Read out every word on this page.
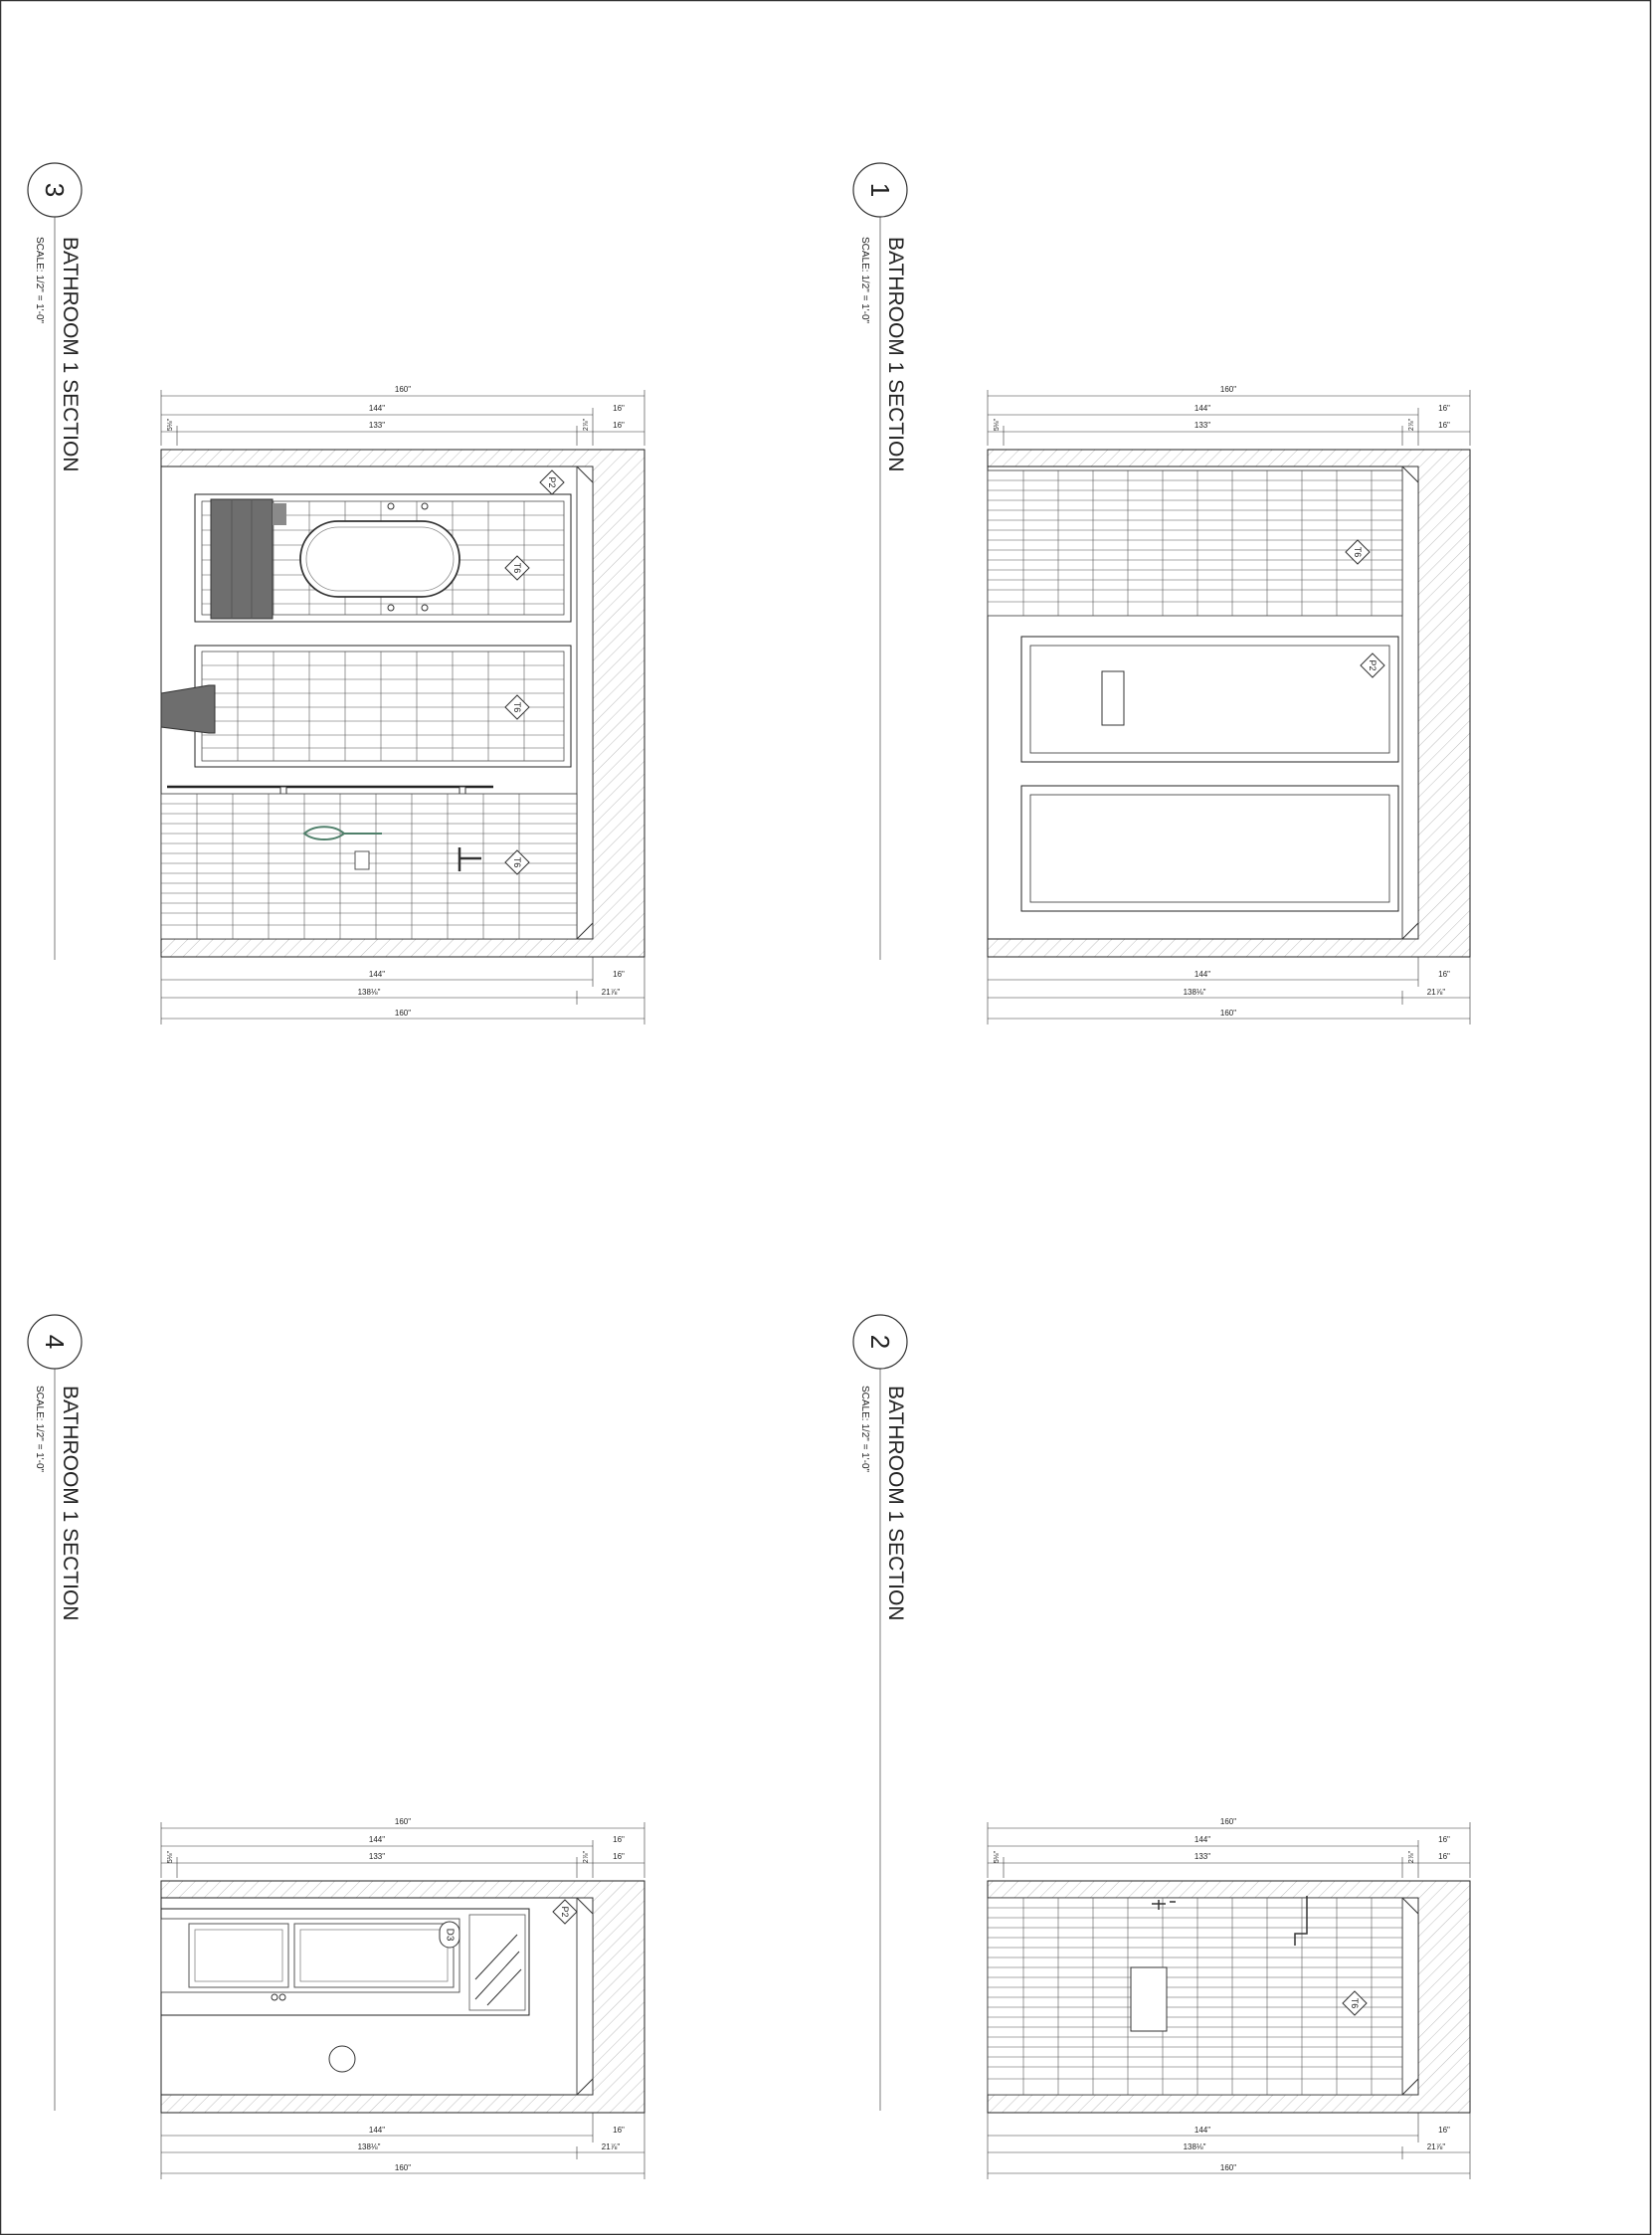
3
BATHROOM 1 SECTION
SCALE: 1/2" = 1'-0"
160"
144"	16"
133"	16"
5⅛"	2⅞"
P2
T6
T6
T6
144"	16"
138⅛"	21⅞"
160"
1
BATHROOM 1 SECTION
SCALE: 1/2" = 1'-0"
160"
144"	16"
133"	16"
5⅛"	2⅞"
T6
P2
144"	16"
138⅛"	21⅞"
160"
4
BATHROOM 1 SECTION
SCALE: 1/2" = 1'-0"
160"
144"	16"
133"	16"
5⅛"	2⅞"
P2
D3
144"	16"
138⅛"	21⅞"
160"
2
BATHROOM 1 SECTION
SCALE: 1/2" = 1'-0"
160"
144"	16"
133"	16"
5⅛"	2⅞"
T6
144"	16"
138⅛"	21⅞"
160"
